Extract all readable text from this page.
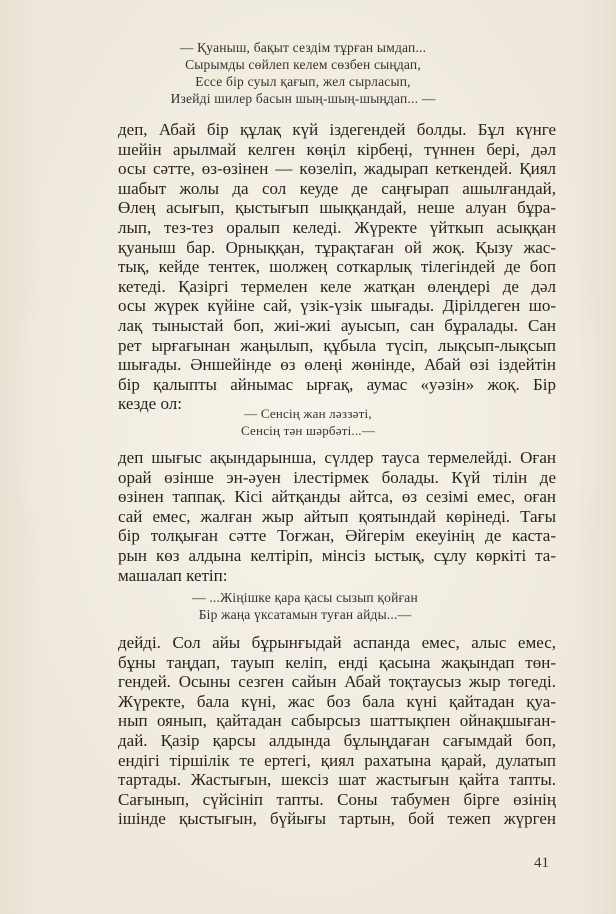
— Қуаныш, бақыт сездім тұрған ымдап...
Сырымды сөйлеп келем сөзбен сыңдап,
Ессе бір суыл қағып, жел сырласып,
Изейді шилер басын шың-шың-шыңдап... —
деп, Абай бір құлақ күй іздегендей болды. Бұл күнге
шейін арылмай келген көңіл кірбеңі, түннен бері, дәл
осы сәтте, өз-өзінен — көзеліп, жадырап кеткендей. Қиял
шабыт жолы да сол кеуде де саңғырап ашылғандай,
Өлең асығып, қыстығып шыққандай, неше алуан бұра-
лып, тез-тез оралып келеді. Жүректе үйткып асыққан
қуаныш бар. Орныққан, тұрақтаған ой жоқ. Қызу жас-
тық, кейде тентек, шолжең соткарлық тілегіндей де боп
кетеді. Қазіргі термелен келе жатқан өлеңдері де дәл
осы жүрек күйіне сай, үзік-үзік шығады. Дірілдеген шо-
лақ тыныстай боп, жиі-жиі ауысып, сан бұралады. Сан
рет ырғағынан жаңылып, құбыла түсіп, лықсып-лықсып
шығады. Әншейінде өз өлеңі жөнінде, Абай өзі іздейтін
бір қалыпты айнымас ырғақ, аумас «уәзін» жоқ. Бір
кезде ол:
— Сенсің жан ләззәті,
Сенсің тән шәрбәті...—
деп шығыс ақындарынша, сүлдер тауса термелейді. Оған
орай өзінше эн-әуен ілестірмек болады. Күй тілін де
өзінен таппақ. Кісі айтқанды айтса, өз сезімі емес, оған
сай емес, жалған жыр айтып қоятындай көрінеді. Тағы
бір толқыған сәтте Тоғжан, Әйгерім екеуінің де каста-
рын көз алдына келтіріп, мінсіз ыстық, сұлу көркіті та-
машалап кетіп:
— ...Жіңішке қара қасы сызып қойған
Бір жаңа үксатамын туған айды...—
дейді. Сол айы бұрынғыдай аспанда емес, алыс емес,
бұны таңдап, тауып келіп, енді қасына жақындап төн-
гендей. Осыны сезген сайын Абай тоқтаусыз жыр төгеді.
Жүректе, бала күні, жас боз бала күні қайтадан қуа-
нып оянып, қайтадан сабырсыз шаттықпен ойнақшыған-
дай. Қазір қарсы алдында бұлыңдаған сағымдай боп,
ендігі тіршілік те ертегі, қиял рахатына қарай, дулатып
тартады. Жастығын, шексіз шат жастығын қайта тапты.
Сағынып, сүйсініп тапты. Соны табумен бірге өзінің
ішінде қыстығын, бүйығы тартын, бой тежеп жүрген
41
